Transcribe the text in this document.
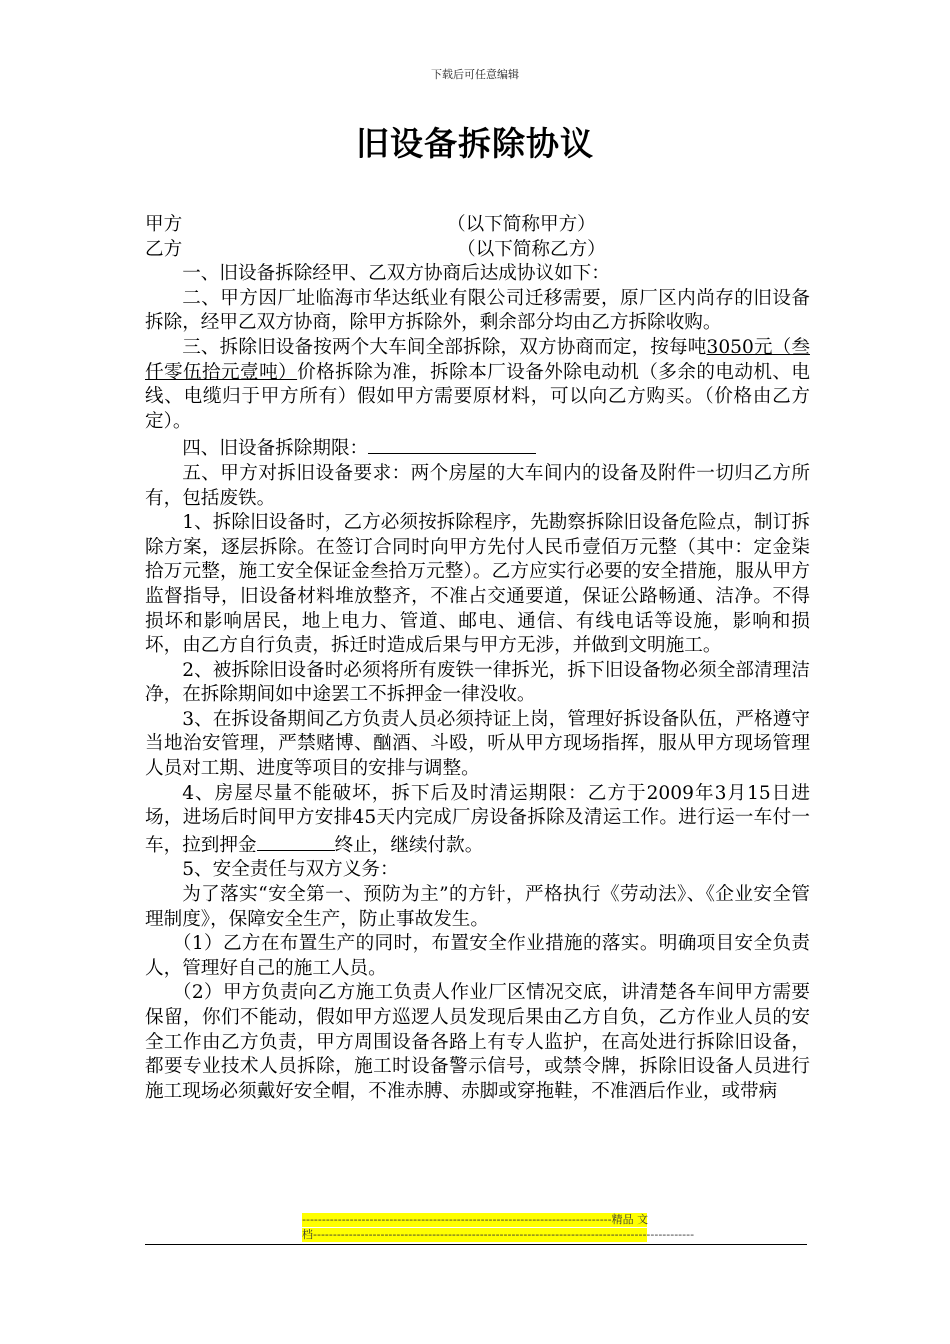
下载后可任意编辑
旧设备拆除协议
甲方	（以下简称甲方）
乙方	（以下简称乙方）

一、旧设备拆除经甲、乙双方协商后达成协议如下：

二、甲方因厂址临海市华达纸业有限公司迁移需要，原厂区内尚存的旧设备拆除，经甲乙双方协商，除甲方拆除外，剩余部分均由乙方拆除收购。

三、拆除旧设备按两个大车间全部拆除，双方协商而定，按每吨3050元（叁仟零伍拾元壹吨）价格拆除为准，拆除本厂设备外除电动机（多余的电动机、电线、电缆归于甲方所有）假如甲方需要原材料，可以向乙方购买。（价格由乙方定）。

四、旧设备拆除期限：

五、甲方对拆旧设备要求：两个房屋的大车间内的设备及附件一切归乙方所有，包括废铁。

1、拆除旧设备时，乙方必须按拆除程序，先勘察拆除旧设备危险点，制订拆除方案，逐层拆除。在签订合同时向甲方先付人民币壹佰万元整（其中：定金柒拾万元整，施工安全保证金叁拾万元整）。乙方应实行必要的安全措施，服从甲方监督指导，旧设备材料堆放整齐，不准占交通要道，保证公路畅通、洁净。不得损坏和影响居民，地上电力、管道、邮电、通信、有线电话等设施，影响和损坏，由乙方自行负责，拆迁时造成后果与甲方无涉，并做到文明施工。

2、被拆除旧设备时必须将所有废铁一律拆光，拆下旧设备物必须全部清理洁净，在拆除期间如中途罢工不拆押金一律没收。

3、在拆设备期间乙方负责人员必须持证上岗，管理好拆设备队伍，严格遵守当地治安管理，严禁赌博、酗酒、斗殴，听从甲方现场指挥，服从甲方现场管理人员对工期、进度等项目的安排与调整。

4、房屋尽量不能破坏，拆下后及时清运期限：乙方于2009年3月15日进场，进场后时间甲方安排45天内完成厂房设备拆除及清运工作。进行运一车付一车，拉到押金	终止，继续付款。

5、安全责任与双方义务：

为了落实“安全第一、预防为主”的方针，严格执行《劳动法》、《企业安全管理制度》，保障安全生产，防止事故发生。

（1）乙方在布置生产的同时，布置安全作业措施的落实。明确项目安全负责人，管理好自己的施工人员。

（2）甲方负责向乙方施工负责人作业厂区情况交底，讲清楚各车间甲方需要保留，你们不能动，假如甲方巡逻人员发现后果由乙方自负，乙方作业人员的安全工作由乙方负责，甲方周围设备各路上有专人监护，在高处进行拆除旧设备，都要专业技术人员拆除，施工时设备警示信号，或禁令牌，拆除旧设备人员进行施工现场必须戴好安全帽，不准赤膊、赤脚或穿拖鞋，不准酒后作业，或带病

------------------------------------------------------------------------------精品 文
档------------------------------------------------------------------------------------------------
